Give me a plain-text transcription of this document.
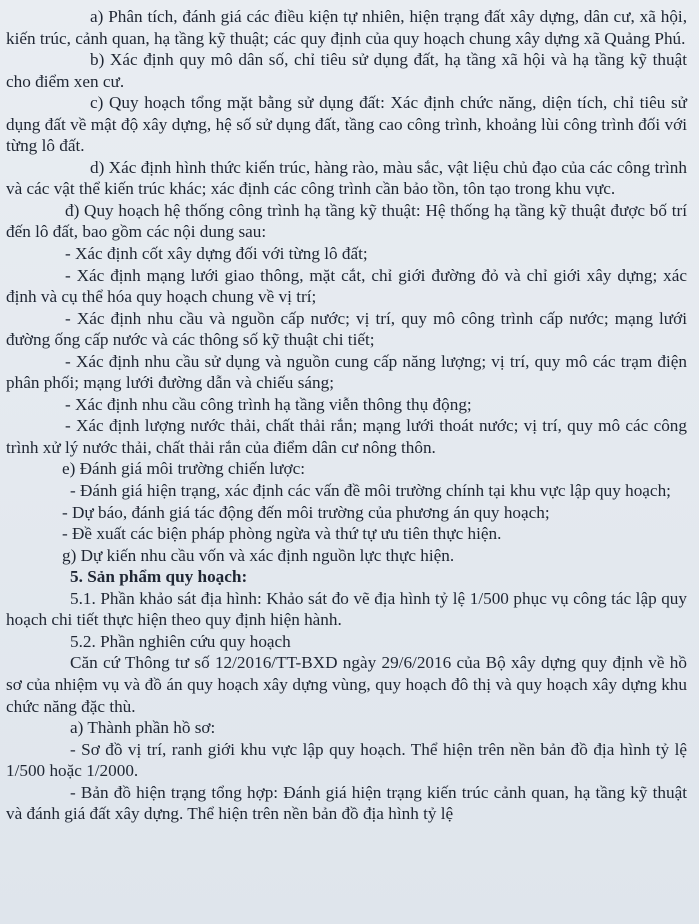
a) Phân tích, đánh giá các điều kiện tự nhiên, hiện trạng đất xây dựng, dân cư, xã hội, kiến trúc, cảnh quan, hạ tầng kỹ thuật; các quy định của quy hoạch chung xây dựng xã Quảng Phú.

b) Xác định quy mô dân số, chỉ tiêu sử dụng đất, hạ tầng xã hội và hạ tầng kỹ thuật cho điểm xen cư.

c) Quy hoạch tổng mặt bằng sử dụng đất: Xác định chức năng, diện tích, chỉ tiêu sử dụng đất về mật độ xây dựng, hệ số sử dụng đất, tầng cao công trình, khoảng lùi công trình đối với từng lô đất.

d) Xác định hình thức kiến trúc, hàng rào, màu sắc, vật liệu chủ đạo của các công trình và các vật thể kiến trúc khác; xác định các công trình cần bảo tồn, tôn tạo trong khu vực.

đ) Quy hoạch hệ thống công trình hạ tầng kỹ thuật: Hệ thống hạ tầng kỹ thuật được bố trí đến lô đất, bao gồm các nội dung sau:

- Xác định cốt xây dựng đối với từng lô đất;

- Xác định mạng lưới giao thông, mặt cắt, chỉ giới đường đỏ và chỉ giới xây dựng; xác định và cụ thể hóa quy hoạch chung về vị trí;

- Xác định nhu cầu và nguồn cấp nước; vị trí, quy mô công trình cấp nước; mạng lưới đường ống cấp nước và các thông số kỹ thuật chi tiết;

- Xác định nhu cầu sử dụng và nguồn cung cấp năng lượng; vị trí, quy mô các trạm điện phân phối; mạng lưới đường dẫn và chiếu sáng;

- Xác định nhu cầu công trình hạ tầng viễn thông thụ động;

- Xác định lượng nước thải, chất thải rắn; mạng lưới thoát nước; vị trí, quy mô các công trình xử lý nước thải, chất thải rắn của điểm dân cư nông thôn.

e) Đánh giá môi trường chiến lược:

- Đánh giá hiện trạng, xác định các vấn đề môi trường chính tại khu vực lập quy hoạch;

- Dự báo, đánh giá tác động đến môi trường của phương án quy hoạch;

- Đề xuất các biện pháp phòng ngừa và thứ tự ưu tiên thực hiện.

g) Dự kiến nhu cầu vốn và xác định nguồn lực thực hiện.

5. Sản phẩm quy hoạch:

5.1. Phần khảo sát địa hình: Khảo sát đo vẽ địa hình tỷ lệ 1/500 phục vụ công tác lập quy hoạch chi tiết thực hiện theo quy định hiện hành.

5.2. Phần nghiên cứu quy hoạch

Căn cứ Thông tư số 12/2016/TT-BXD ngày 29/6/2016 của Bộ xây dựng quy định về hồ sơ của nhiệm vụ và đồ án quy hoạch xây dựng vùng, quy hoạch đô thị và quy hoạch xây dựng khu chức năng đặc thù.

a) Thành phần hồ sơ:

- Sơ đồ vị trí, ranh giới khu vực lập quy hoạch. Thể hiện trên nền bản đồ địa hình tỷ lệ 1/500 hoặc 1/2000.

- Bản đồ hiện trạng tổng hợp: Đánh giá hiện trạng kiến trúc cảnh quan, hạ tầng kỹ thuật và đánh giá đất xây dựng. Thể hiện trên nền bản đồ địa hình tỷ lệ
